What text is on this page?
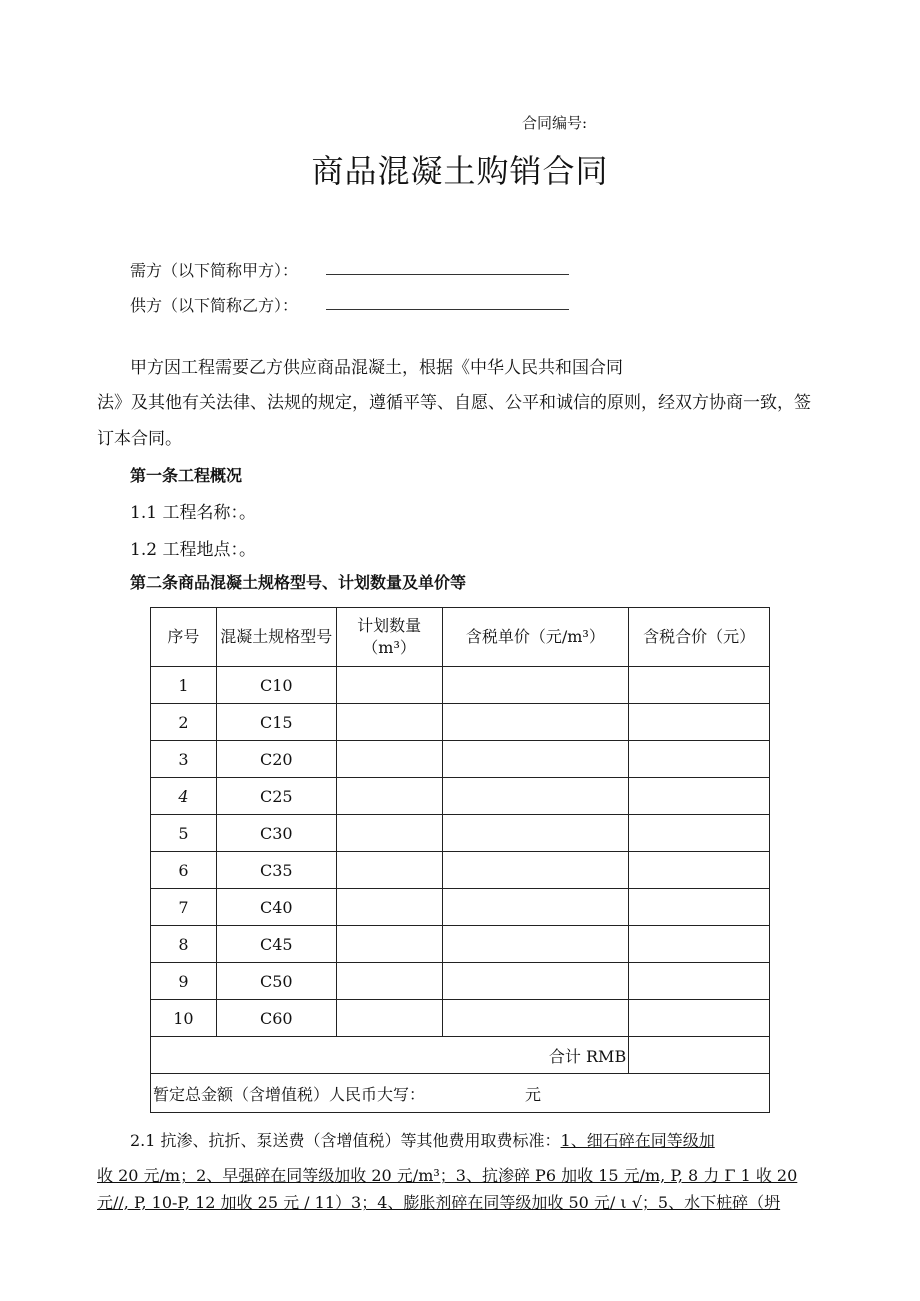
合同编号:
商品混凝土购销合同
需方（以下简称甲方）：
供方（以下简称乙方）：
甲方因工程需要乙方供应商品混凝土，根据《中华人民共和国合同
法》及其他有关法律、法规的规定，遵循平等、自愿、公平和诚信的原则，经双方协商一致，签
订本合同。
第一条工程概况
1.1 工程名称：。
1.2 工程地点：。
第二条商品混凝土规格型号、计划数量及单价等
序号	混凝土规格型号	计划数量（m³）	含税单价（元/m³）	含税合价（元）
1	C10			
2	C15			
3	C20			
4	C25			
5	C30			
6	C35			
7	C40			
8	C45			
9	C50			
10	C60			
合计 RMB				
暂定总金额（含增值税）人民币大写： 元				
2.1 抗渗、抗折、泵送费（含增值税）等其他费用取费标准：1、细石碎在同等级加
收 20 元/m；2、早强碎在同等级加收 20 元/m³；3、抗渗碎 P6 加收 15 元/m, P, 8 力 Γ 1 收 20
元//, P, 10-P, 12 加收 25 元 / 11）3；4、膨胀剂碎在同等级加收 50 元/ ι √；5、水下桩碎（坍
